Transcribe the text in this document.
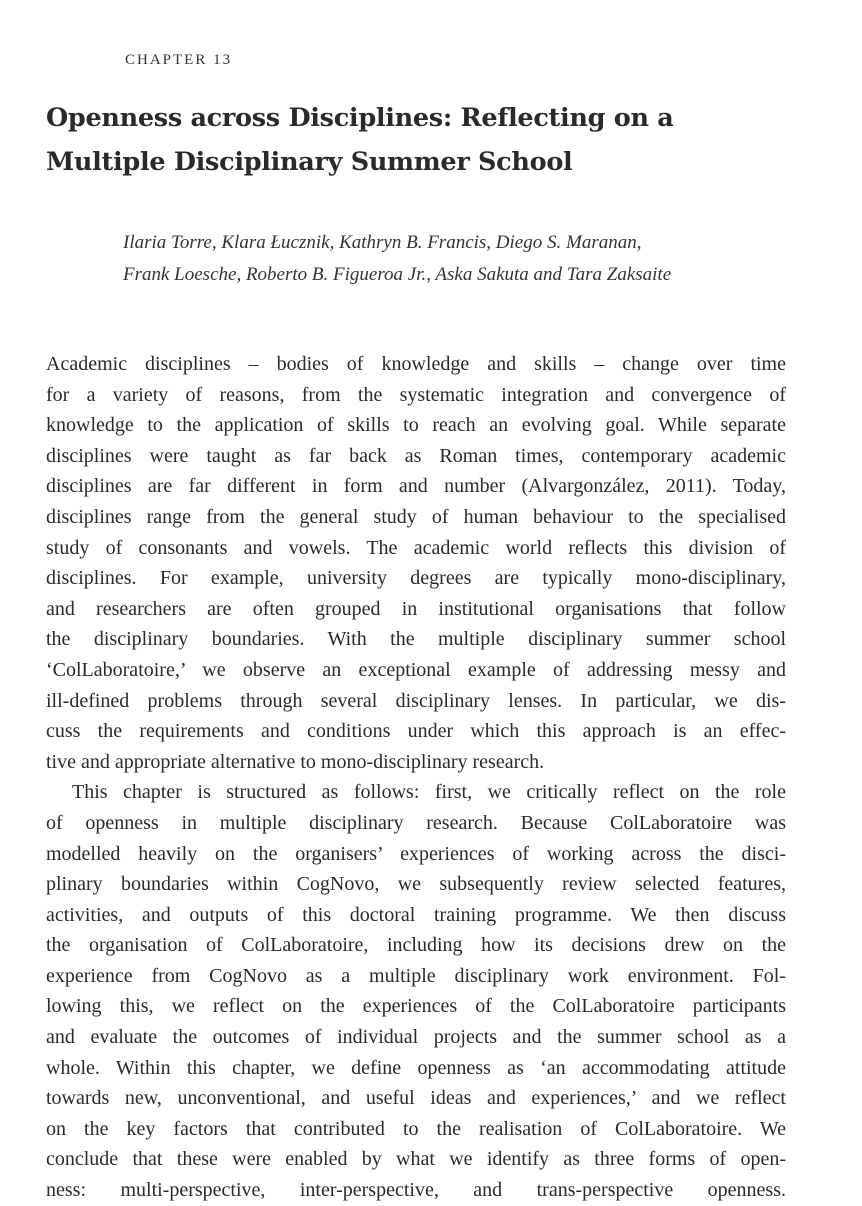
CHAPTER 13
Openness across Disciplines: Reflecting on a
Multiple Disciplinary Summer School
Ilaria Torre, Klara Łucznik, Kathryn B. Francis, Diego S. Maranan,
Frank Loesche, Roberto B. Figueroa Jr., Aska Sakuta and Tara Zaksaite
Academic disciplines – bodies of knowledge and skills – change over time
for a variety of reasons, from the systematic integration and convergence of
knowledge to the application of skills to reach an evolving goal. While separate
disciplines were taught as far back as Roman times, contemporary academic
disciplines are far different in form and number (Alvargonzález, 2011). Today,
disciplines range from the general study of human behaviour to the specialised
study of consonants and vowels. The academic world reflects this division of
disciplines. For example, university degrees are typically mono-disciplinary,
and researchers are often grouped in institutional organisations that follow
the disciplinary boundaries. With the multiple disciplinary summer school
‘ColLaboratoire,’ we observe an exceptional example of addressing messy and
ill-defined problems through several disciplinary lenses. In particular, we dis-
cuss the requirements and conditions under which this approach is an effec-
tive and appropriate alternative to mono-disciplinary research.
This chapter is structured as follows: first, we critically reflect on the role
of openness in multiple disciplinary research. Because ColLaboratoire was
modelled heavily on the organisers’ experiences of working across the disci-
plinary boundaries within CogNovo, we subsequently review selected features,
activities, and outputs of this doctoral training programme. We then discuss
the organisation of ColLaboratoire, including how its decisions drew on the
experience from CogNovo as a multiple disciplinary work environment. Fol-
lowing this, we reflect on the experiences of the ColLaboratoire participants
and evaluate the outcomes of individual projects and the summer school as a
whole. Within this chapter, we define openness as ‘an accommodating attitude
towards new, unconventional, and useful ideas and experiences,’ and we reflect
on the key factors that contributed to the realisation of ColLaboratoire. We
conclude that these were enabled by what we identify as three forms of open-
ness: multi-perspective, inter-perspective, and trans-perspective openness.
